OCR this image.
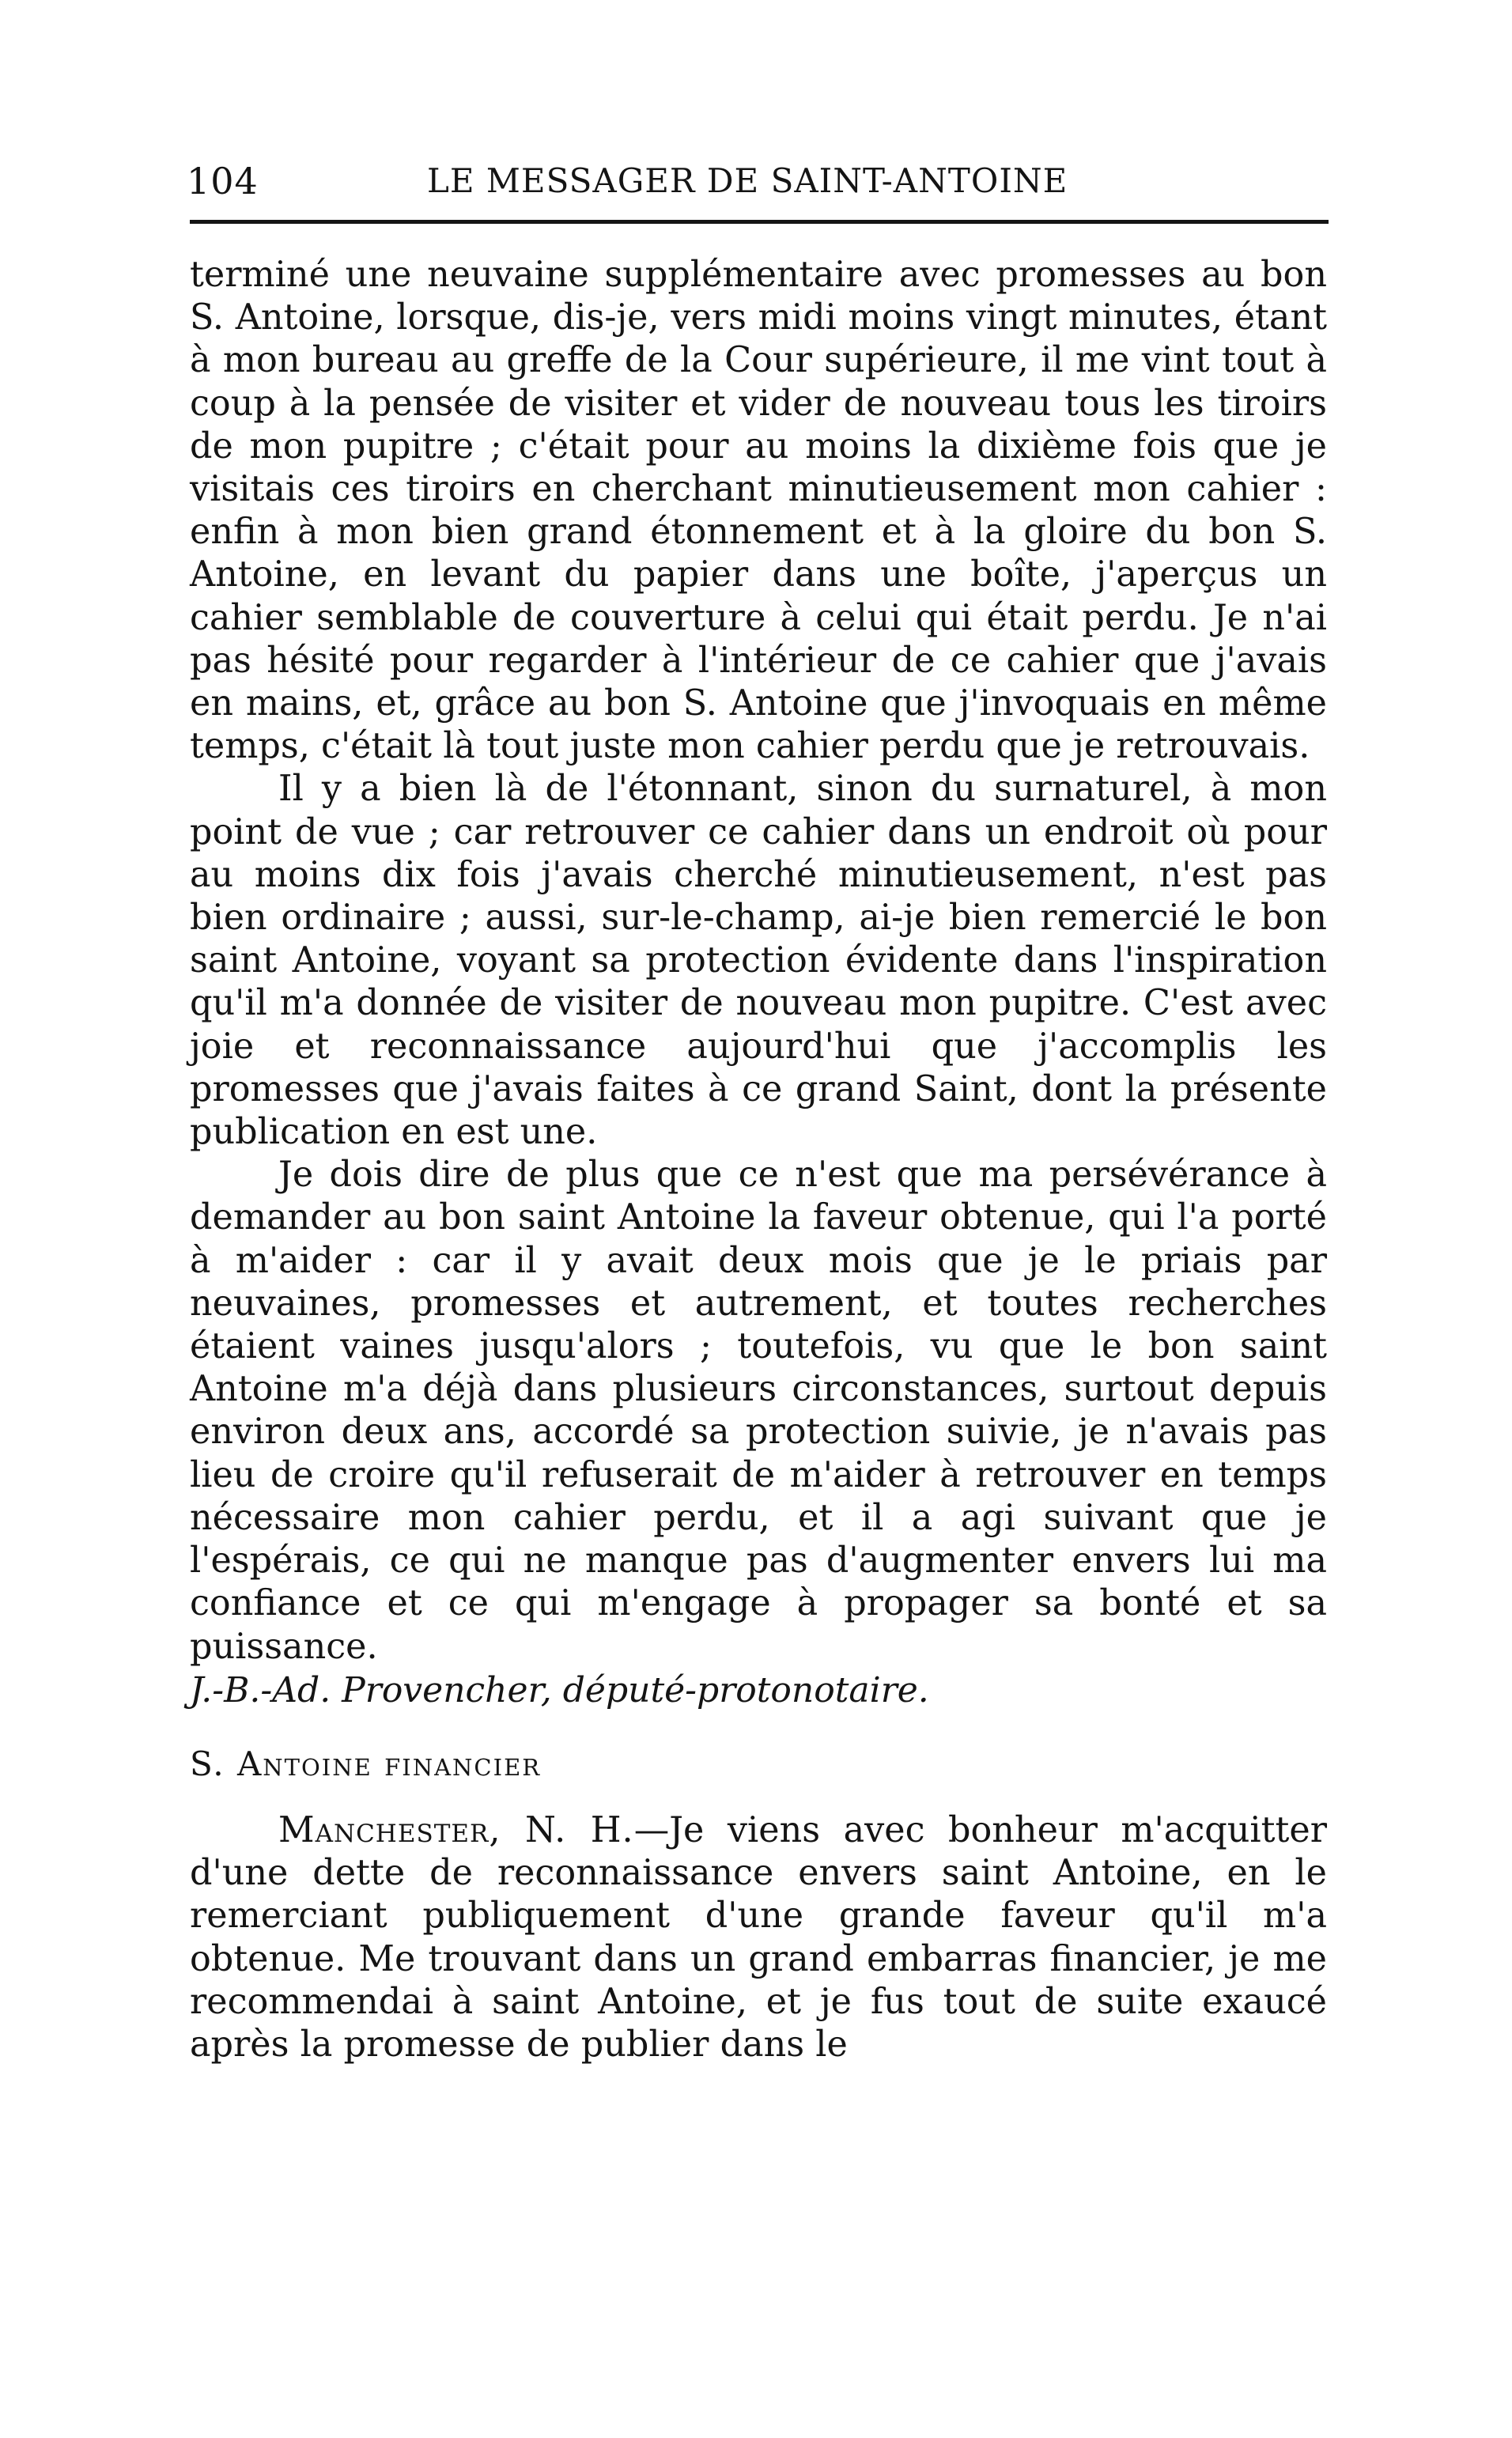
104	LE MESSAGER DE SAINT-ANTOINE

terminé une neuvaine supplémentaire avec promesses au bon S. Antoine, lorsque, dis-je, vers midi moins vingt minutes, étant à mon bureau au greffe de la Cour supérieure, il me vint tout à coup à la pensée de visiter et vider de nouveau tous les tiroirs de mon pupitre ; c'était pour au moins la dixième fois que je visitais ces tiroirs en cherchant minutieusement mon cahier : enfin à mon bien grand étonnement et à la gloire du bon S. Antoine, en levant du papier dans une boîte, j'aperçus un cahier semblable de couverture à celui qui était perdu. Je n'ai pas hésité pour regarder à l'intérieur de ce cahier que j'avais en mains, et, grâce au bon S. Antoine que j'invoquais en même temps, c'était là tout juste mon cahier perdu que je retrouvais.

Il y a bien là de l'étonnant, sinon du surnaturel, à mon point de vue ; car retrouver ce cahier dans un endroit où pour au moins dix fois j'avais cherché minutieusement, n'est pas bien ordinaire ; aussi, sur-le-champ, ai-je bien remercié le bon saint Antoine, voyant sa protection évidente dans l'inspiration qu'il m'a donnée de visiter de nouveau mon pupitre. C'est avec joie et reconnaissance aujourd'hui que j'accomplis les promesses que j'avais faites à ce grand Saint, dont la présente publication en est une.

Je dois dire de plus que ce n'est que ma persévérance à demander au bon saint Antoine la faveur obtenue, qui l'a porté à m'aider : car il y avait deux mois que je le priais par neuvaines, promesses et autrement, et toutes recherches étaient vaines jusqu'alors ; toutefois, vu que le bon saint Antoine m'a déjà dans plusieurs circonstances, surtout depuis environ deux ans, accordé sa protection suivie, je n'avais pas lieu de croire qu'il refuserait de m'aider à retrouver en temps nécessaire mon cahier perdu, et il a agi suivant que je l'espérais, ce qui ne manque pas d'augmenter envers lui ma confiance et ce qui m'engage à propager sa bonté et sa puissance.

J.-B.-Ad. Provencher, député-protonotaire.

S. Antoine financier

Manchester, N. H.—Je viens avec bonheur m'acquitter d'une dette de reconnaissance envers saint Antoine, en le remerciant publiquement d'une grande faveur qu'il m'a obtenue. Me trouvant dans un grand embarras financier, je me recommendai à saint Antoine, et je fus tout de suite exaucé après la promesse de publier dans le
